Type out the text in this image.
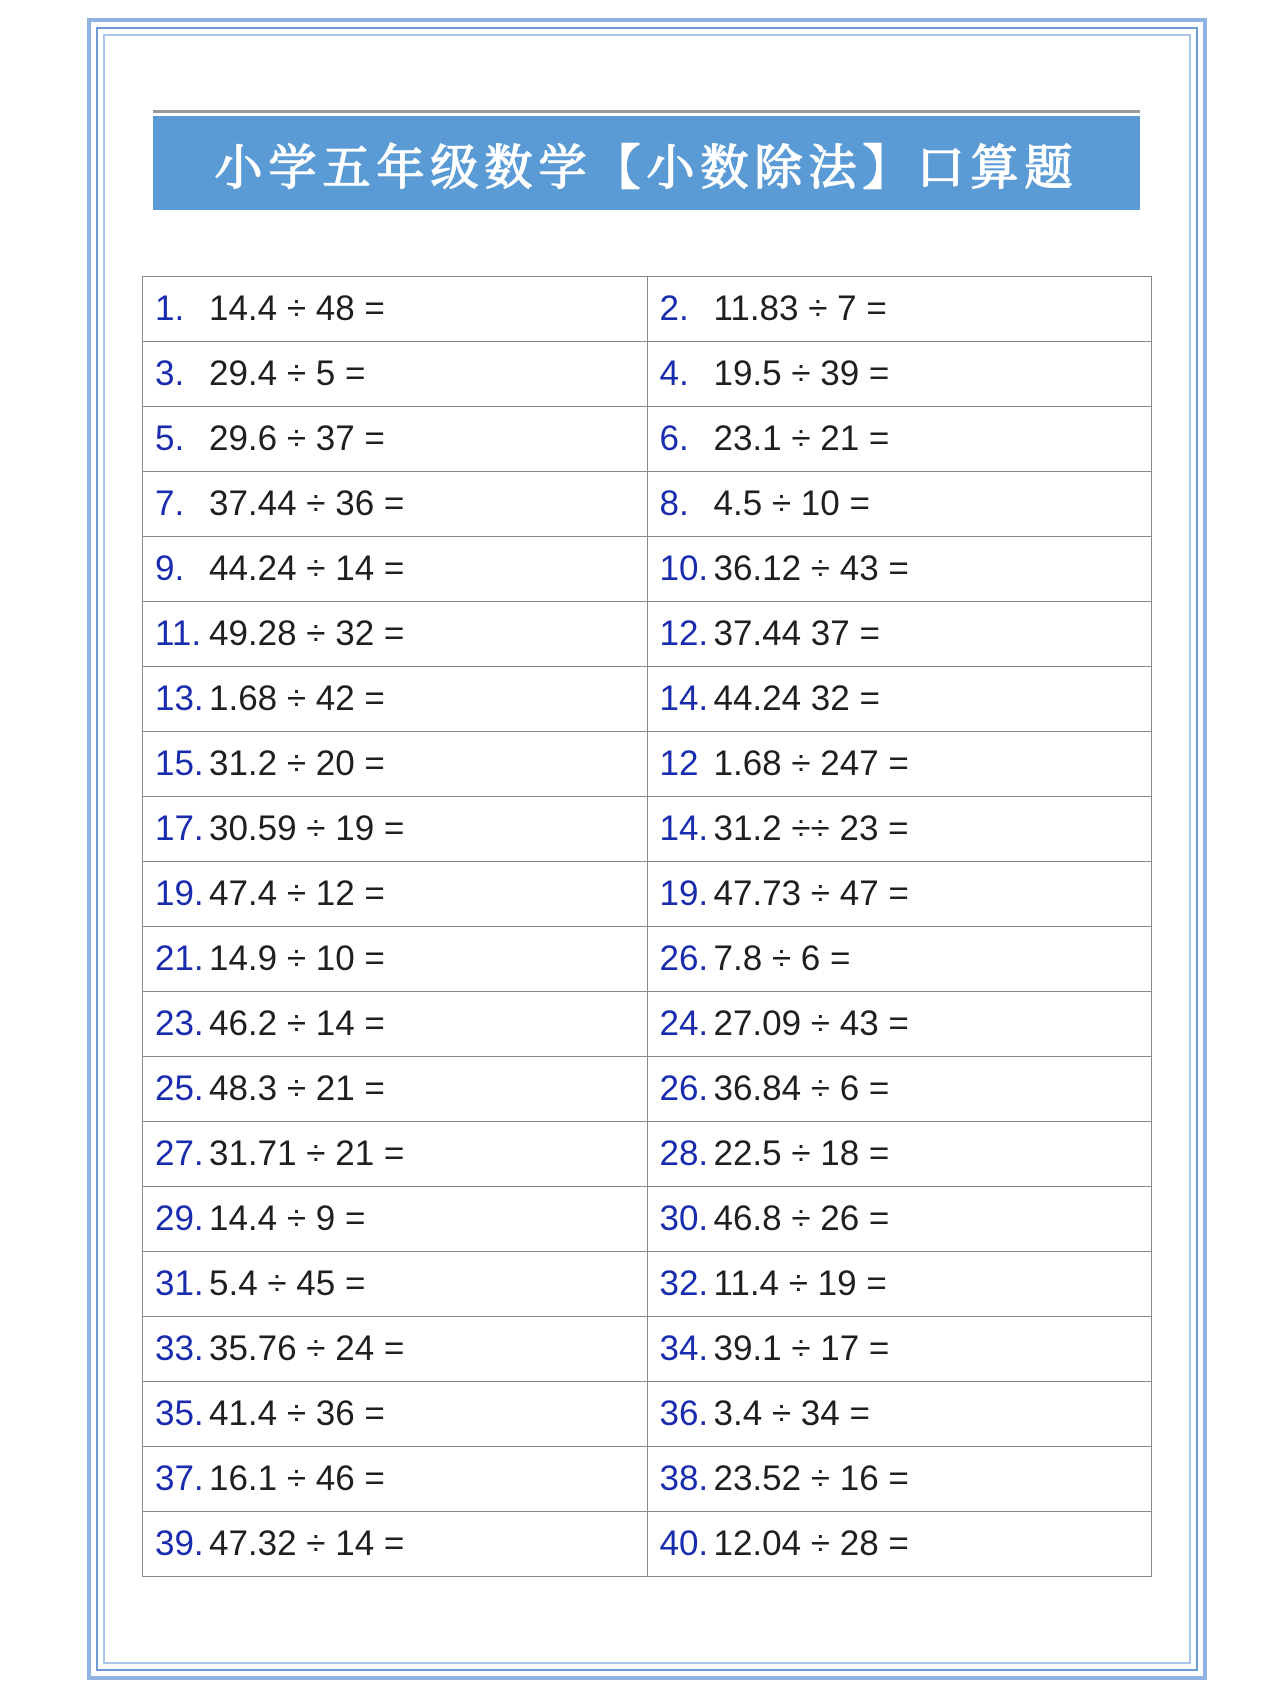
小学五年级数学【小数除法】口算题
1. 14.4 ÷ 48 =	2. 11.83 ÷ 7 =
3. 29.4 ÷ 5 =	4. 19.5 ÷ 39 =
5. 29.6 ÷ 37 =	6. 23.1 ÷ 21 =
7. 37.44 ÷ 36 =	8. 4.5 ÷ 10 =
9. 44.24 ÷ 14 =	10. 36.12 ÷ 43 =
11. 49.28 ÷ 32 =	12. 37.44 37 =
13. 1.68 ÷ 42 =	14. 44.24 32 =
15. 31.2 ÷ 20 =	12 1.68 ÷ 247 =
17. 30.59 ÷ 19 =	14. 31.2 ÷÷ 23 =
19. 47.4 ÷ 12 =	19. 47.73 ÷ 47 =
21. 14.9 ÷ 10 =	26. 7.8 ÷ 6 =
23. 46.2 ÷ 14 =	24. 27.09 ÷ 43 =
25. 48.3 ÷ 21 =	26. 36.84 ÷ 6 =
27. 31.71 ÷ 21 =	28. 22.5 ÷ 18 =
29. 14.4 ÷ 9 =	30. 46.8 ÷ 26 =
31. 5.4 ÷ 45 =	32. 11.4 ÷ 19 =
33. 35.76 ÷ 24 =	34. 39.1 ÷ 17 =
35. 41.4 ÷ 36 =	36. 3.4 ÷ 34 =
37. 16.1 ÷ 46 =	38. 23.52 ÷ 16 =
39. 47.32 ÷ 14 =	40. 12.04 ÷ 28 =
